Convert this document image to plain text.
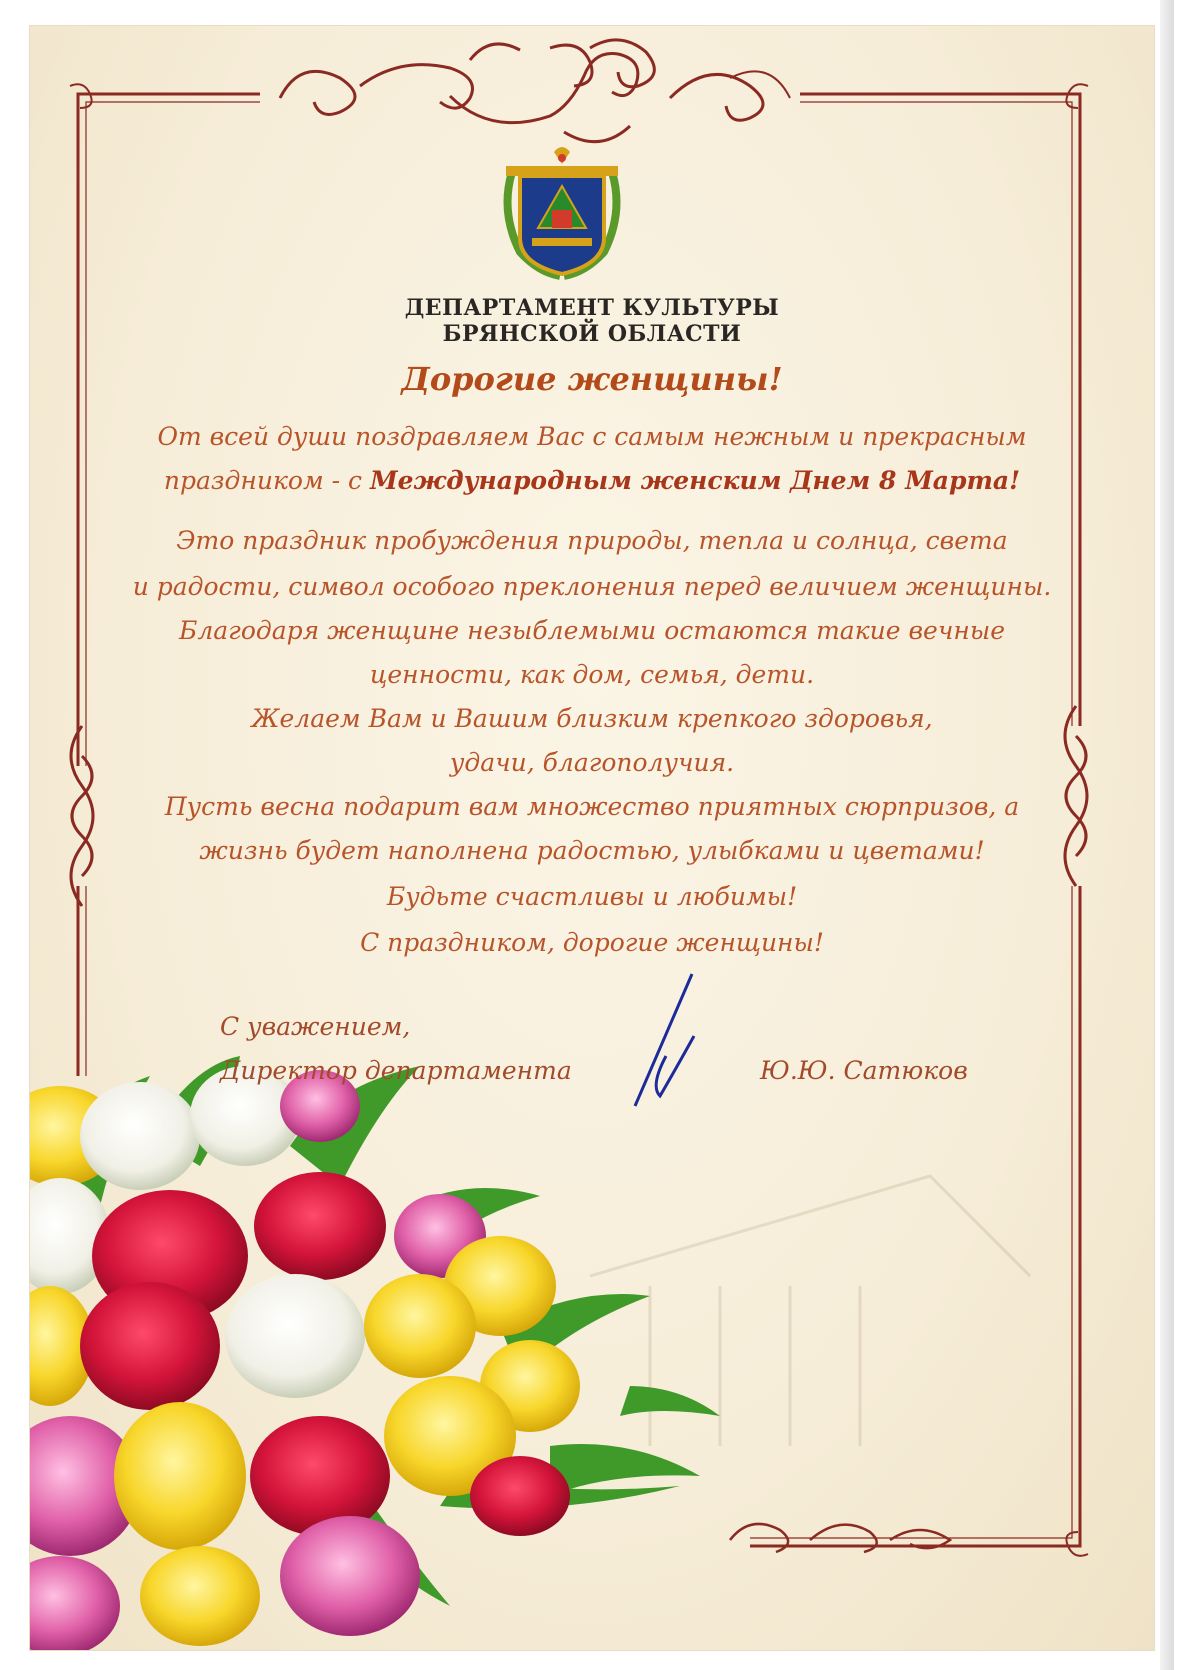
ДЕПАРТАМЕНТ КУЛЬТУРЫ
БРЯНСКОЙ ОБЛАСТИ
Дорогие женщины!
От всей души поздравляем Вас с самым нежным и прекрасным
праздником - с Международным женским Днем 8 Марта!
Это праздник пробуждения природы, тепла и солнца, света
и радости, символ особого преклонения перед величием женщины.
Благодаря женщине незыблемыми остаются такие вечные
ценности, как дом, семья, дети.
Желаем Вам и Вашим близким крепкого здоровья,
удачи, благополучия.
Пусть весна подарит вам множество приятных сюрпризов, а
жизнь будет наполнена радостью, улыбками и цветами!
Будьте счастливы и любимы!
С праздником, дорогие женщины!
С уважением,
Директор департамента	Ю.Ю. Сатюков
